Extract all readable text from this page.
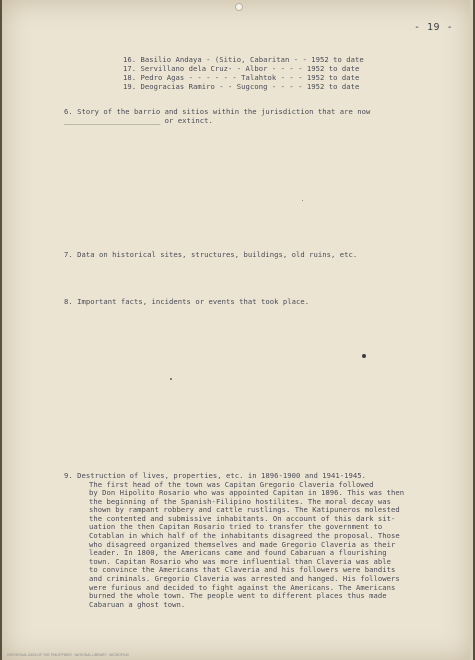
- 19 -
16. Basilio Andaya - (Sitio, Cabaritan - - 1952 to date
17. Servillano dela Cruz- - Albor - - - - 1952 to date
18. Pedro Agas - - - - - - Talahtok - - - 1952 to date
19. Deogracias Ramiro - - Sugcong - - - - 1952 to date
6. Story of the barrio and sitios within the jurisdiction that are now
______________________ or extinct.
7. Data on historical sites, structures, buildings, old ruins, etc.
8. Important facts, incidents or events that took place.
9. Destruction of lives, properties, etc. in 1896-1900 and 1941-1945.
The first head of the town was Capitan Gregorio Claveria followed
by Don Hipolito Rosario who was appointed Capitan in 1896. This was then
the beginning of the Spanish-Filipino hostilites. The moral decay was
shown by rampant robbery and cattle rustlings. The Katipuneros molested
the contented and submissive inhabitants. On account of this dark sit-
uation the then Capitan Rosario tried to transfer the government to
Cotablan in which half of the inhabitants disagreed the proposal. Those
who disagreed organized themselves and made Gregorio Claveria as their
leader. In 1800, the Americans came and found Cabaruan a flourishing
town. Capitan Rosario who was more influential than Claveria was able
to convince the Americans that Claveria and his followers were bandits
and criminals. Gregorio Claveria was arrested and hanged. His followers
were furious and decided to fight against the Americans. The Americans
burned the whole town. The people went to different places thus made
Cabaruan a ghost town.
HISTORICAL DATA OF THE PHILIPPINES · NATIONAL LIBRARY · MICROFILM
